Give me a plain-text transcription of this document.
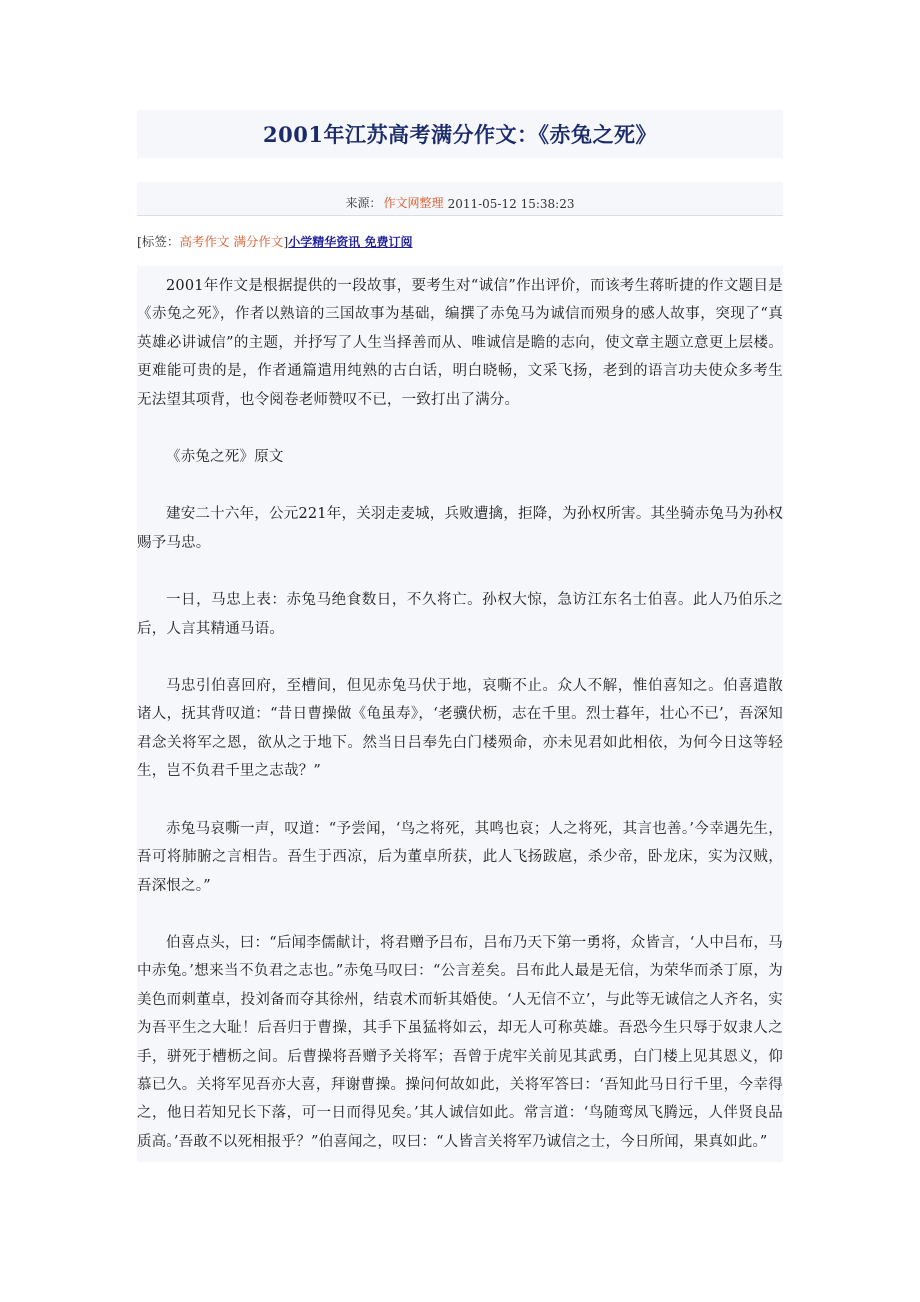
2001年江苏高考满分作文：《赤兔之死》
来源： 作文网整理 2011-05-12 15:38:23
[标签：高考作文 满分作文]小学精华资讯 免费订阅

2001年作文是根据提供的一段故事，要考生对“诚信”作出评价，而该考生蒋昕捷的作文题目是《赤兔之死》，作者以熟谙的三国故事为基础，编撰了赤兔马为诚信而殒身的感人故事，突现了“真英雄必讲诚信”的主题，并抒写了人生当择善而从、唯诚信是瞻的志向，使文章主题立意更上层楼。更难能可贵的是，作者通篇遣用纯熟的古白话，明白晓畅，文采飞扬，老到的语言功夫使众多考生无法望其项背，也令阅卷老师赞叹不已，一致打出了满分。

《赤兔之死》原文

建安二十六年，公元221年，关羽走麦城，兵败遭擒，拒降，为孙权所害。其坐骑赤兔马为孙权赐予马忠。

一日，马忠上表：赤兔马绝食数日，不久将亡。孙权大惊，急访江东名士伯喜。此人乃伯乐之后，人言其精通马语。

马忠引伯喜回府，至槽间，但见赤兔马伏于地，哀嘶不止。众人不解，惟伯喜知之。伯喜遣散诸人，抚其背叹道：“昔日曹操做《龟虽寿》，‘老骥伏枥，志在千里。烈士暮年，壮心不已’，吾深知君念关将军之恩，欲从之于地下。然当日吕奉先白门楼殒命，亦未见君如此相依，为何今日这等轻生，岂不负君千里之志哉？”

赤兔马哀嘶一声，叹道：“予尝闻，‘鸟之将死，其鸣也哀；人之将死，其言也善。’今幸遇先生，吾可将肺腑之言相告。吾生于西凉，后为董卓所获，此人飞扬跋扈，杀少帝，卧龙床，实为汉贼，吾深恨之。”

伯喜点头，曰：“后闻李儒献计，将君赠予吕布，吕布乃天下第一勇将，众皆言，‘人中吕布，马中赤兔。’想来当不负君之志也。”赤兔马叹曰：“公言差矣。吕布此人最是无信，为荣华而杀丁原，为美色而刺董卓，投刘备而夺其徐州，结袁术而斩其婚使。‘人无信不立’，与此等无诚信之人齐名，实为吾平生之大耻！后吾归于曹操，其手下虽猛将如云，却无人可称英雄。吾恐今生只辱于奴隶人之手，骈死于槽枥之间。后曹操将吾赠予关将军；吾曾于虎牢关前见其武勇，白门楼上见其恩义，仰慕已久。关将军见吾亦大喜，拜谢曹操。操问何故如此，关将军答曰：‘吾知此马日行千里，今幸得之，他日若知兄长下落，可一日而得见矣。’其人诚信如此。常言道：‘鸟随鸾凤飞腾远，人伴贤良品质高。’吾敢不以死相报乎？”伯喜闻之，叹曰：“人皆言关将军乃诚信之士，今日所闻，果真如此。”
